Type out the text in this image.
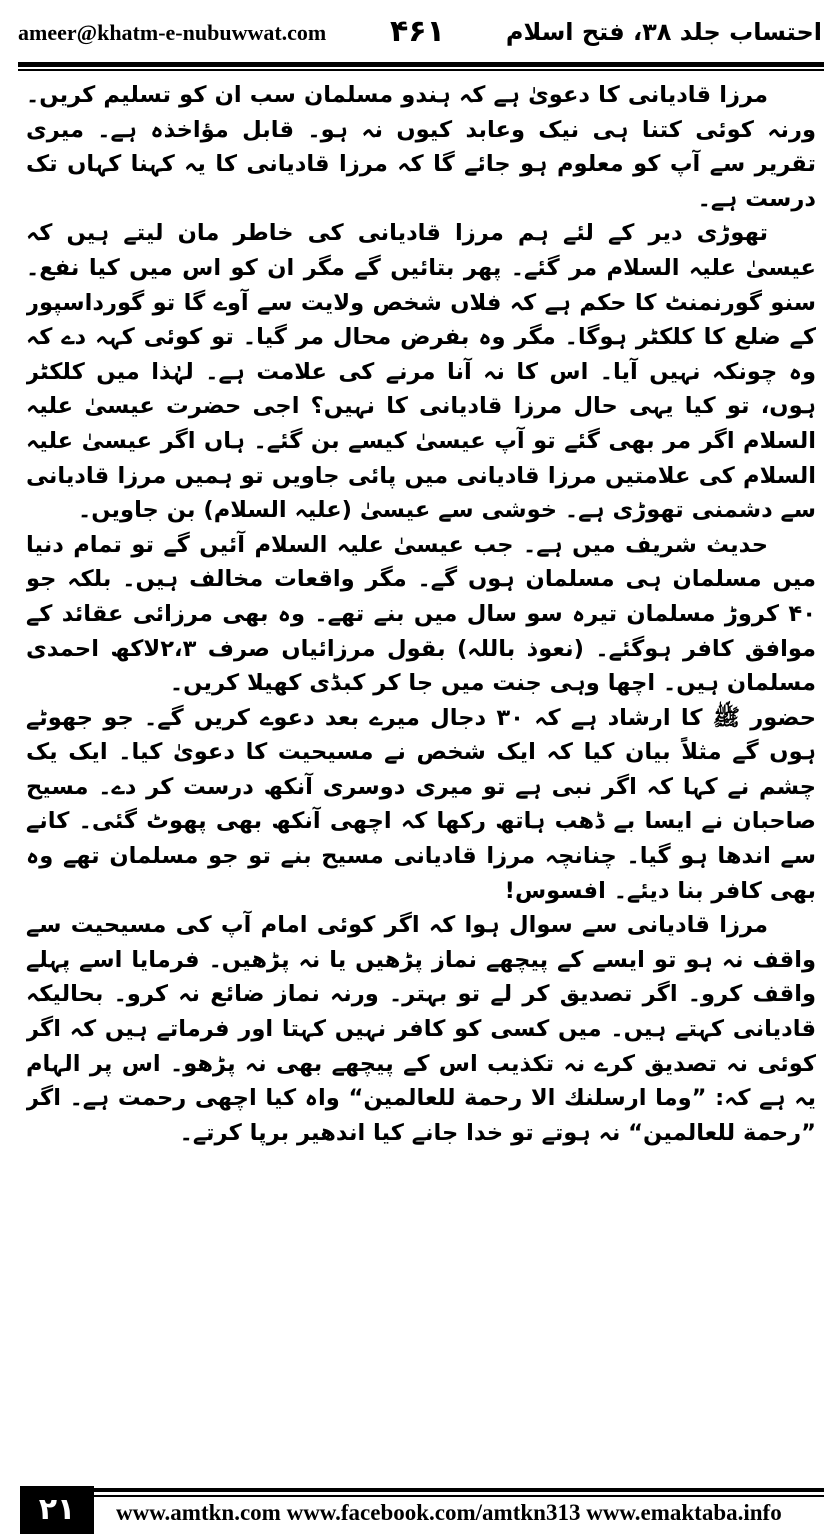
ameer@khatm-e-nubuwwat.com ۴۶۱	احتساب جلد ۳۸، فتح اسلام

مرزا قادیانی کا دعویٰ ہے کہ ہندو مسلمان سب ان کو تسلیم کریں۔ ورنہ کوئی کتنا ہی نیک وعابد کیوں نہ ہو۔ قابل مؤاخذہ ہے۔ میری تقریر سے آپ کو معلوم ہو جائے گا کہ مرزا قادیانی کا یہ کہنا کہاں تک درست ہے۔

تھوڑی دیر کے لئے ہم مرزا قادیانی کی خاطر مان لیتے ہیں کہ عیسیٰ علیہ السلام مر گئے۔ پھر بتائیں گے مگر ان کو اس میں کیا نفع۔ سنو گورنمنٹ کا حکم ہے کہ فلاں شخص ولایت سے آوے گا تو گورداسپور کے ضلع کا کلکٹر ہوگا۔ مگر وہ بفرض محال مر گیا۔ تو کوئی کہہ دے کہ وہ چونکہ نہیں آیا۔ اس کا نہ آنا مرنے کی علامت ہے۔ لہٰذا میں کلکٹر ہوں، تو کیا یہی حال مرزا قادیانی کا نہیں؟ اجی حضرت عیسیٰ علیہ السلام اگر مر بھی گئے تو آپ عیسیٰ کیسے بن گئے۔ ہاں اگر عیسیٰ علیہ السلام کی علامتیں مرزا قادیانی میں پائی جاویں تو ہمیں مرزا قادیانی سے دشمنی تھوڑی ہے۔ خوشی سے عیسیٰ (علیہ السلام) بن جاویں۔

حدیث شریف میں ہے۔ جب عیسیٰ علیہ السلام آئیں گے تو تمام دنیا میں مسلمان ہی مسلمان ہوں گے۔ مگر واقعات مخالف ہیں۔ بلکہ جو ۴۰ کروڑ مسلمان تیرہ سو سال میں بنے تھے۔ وہ بھی مرزائی عقائد کے موافق کافر ہوگئے۔ (نعوذ باللہ) بقول مرزائیاں صرف ۲،۳لاکھ احمدی مسلمان ہیں۔ اچھا وہی جنت میں جا کر کبڈی کھیلا کریں۔

حضور ﷺ کا ارشاد ہے کہ ۳۰ دجال میرے بعد دعوے کریں گے۔ جو جھوٹے ہوں گے مثلاً بیان کیا کہ ایک شخص نے مسیحیت کا دعویٰ کیا۔ ایک یک چشم نے کہا کہ اگر نبی ہے تو میری دوسری آنکھ درست کر دے۔ مسیح صاحبان نے ایسا بے ڈھب ہاتھ رکھا کہ اچھی آنکھ بھی پھوٹ گئی۔ کانے سے اندھا ہو گیا۔ چنانچہ مرزا قادیانی مسیح بنے تو جو مسلمان تھے وہ بھی کافر بنا دیئے۔ افسوس!

مرزا قادیانی سے سوال ہوا کہ اگر کوئی امام آپ کی مسیحیت سے واقف نہ ہو تو ایسے کے پیچھے نماز پڑھیں یا نہ پڑھیں۔ فرمایا اسے پہلے واقف کرو۔ اگر تصدیق کر لے تو بہتر۔ ورنہ نماز ضائع نہ کرو۔ بحالیکہ قادیانی کہتے ہیں۔ میں کسی کو کافر نہیں کہتا اور فرماتے ہیں کہ اگر کوئی نہ تصدیق کرے نہ تکذیب اس کے پیچھے بھی نہ پڑھو۔ اس پر الہام یہ ہے کہ: ”وما ارسلنك الا رحمة للعالمين“ واہ کیا اچھی رحمت ہے۔ اگر ”رحمة للعالمين“ نہ ہوتے تو خدا جانے کیا اندھیر برپا کرتے۔

۲۱	www.amtkn.com www.facebook.com/amtkn313 www.emaktaba.info
